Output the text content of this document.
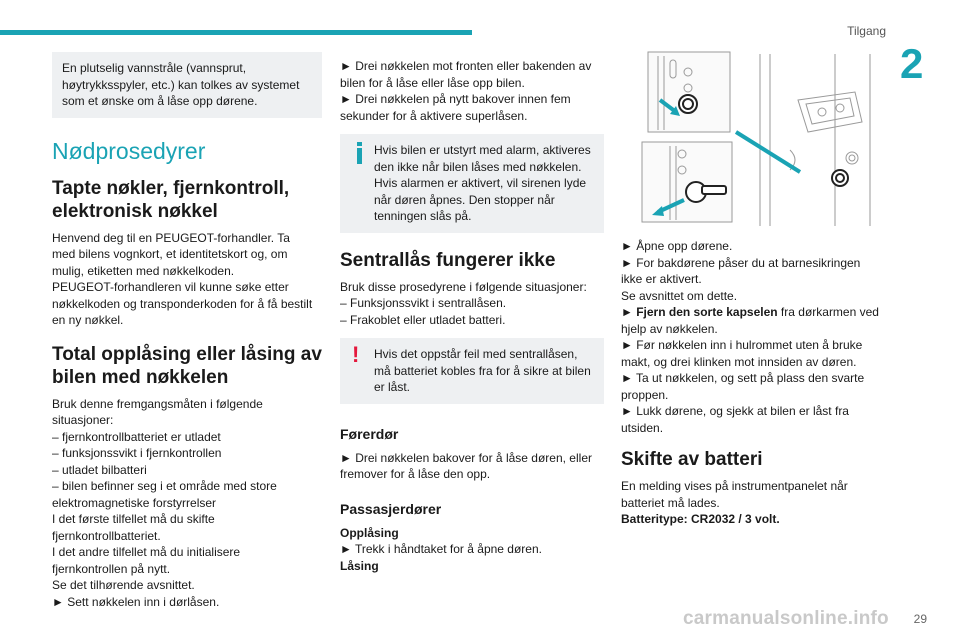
Tilgang
2
29
carmanualsonline.info
En plutselig vannstråle (vannsprut, høytrykksspyler, etc.) kan tolkes av systemet som et ønske om å låse opp dørene.
Nødprosedyrer
Tapte nøkler, fjernkontroll, elektronisk nøkkel

Henvend deg til en PEUGEOT-forhandler. Ta

med bilens vognkort, et identitetskort og, om

mulig, etiketten med nøkkelkoden.

PEUGEOT-forhandleren vil kunne søke etter

nøkkelkoden og transponderkoden for å få bestilt

en ny nøkkel.

Total opplåsing eller låsing av bilen med nøkkelen

Bruk denne fremgangsmåten i følgende

situasjoner:

– fjernkontrollbatteriet er utladet

– funksjonssvikt i fjernkontrollen

– utladet bilbatteri

– bilen befinner seg i et område med store

elektromagnetiske forstyrrelser

I det første tilfellet må du skifte

fjernkontrollbatteriet.

I det andre tilfellet må du initialisere

fjernkontrollen på nytt.

Se det tilhørende avsnittet.

► Sett nøkkelen inn i dørlåsen.

► Drei nøkkelen mot fronten eller bakenden av

bilen for å låse eller låse opp bilen.

► Drei nøkkelen på nytt bakover innen fem

sekunder for å aktivere superlåsen.

Hvis bilen er utstyrt med alarm, aktiveres den ikke når bilen låses med nøkkelen. Hvis alarmen er aktivert, vil sirenen lyde når døren åpnes. Den stopper når tenningen slås på.
Sentrallås fungerer ikke

Bruk disse prosedyrene i følgende situasjoner:

– Funksjonssvikt i sentrallåsen.

– Frakoblet eller utladet batteri.

! Hvis det oppstår feil med sentrallåsen, må batteriet kobles fra for å sikre at bilen er låst.
Førerdør

► Drei nøkkelen bakover for å låse døren, eller

fremover for å låse den opp.

Passasjerdører

Opplåsing

► Trekk i håndtaket for å åpne døren.

Låsing

► Åpne opp dørene.

► For bakdørene påser du at barnesikringen

ikke er aktivert.

Se avsnittet om dette.

► Fjern den sorte kapselen fra dørkarmen ved

hjelp av nøkkelen.

► Før nøkkelen inn i hulrommet uten å bruke

makt, og drei klinken mot innsiden av døren.

► Ta ut nøkkelen, og sett på plass den svarte

proppen.

► Lukk dørene, og sjekk at bilen er låst fra

utsiden.

Skifte av batteri

En melding vises på instrumentpanelet når

batteriet må lades.

Batteritype: CR2032 / 3 volt.
